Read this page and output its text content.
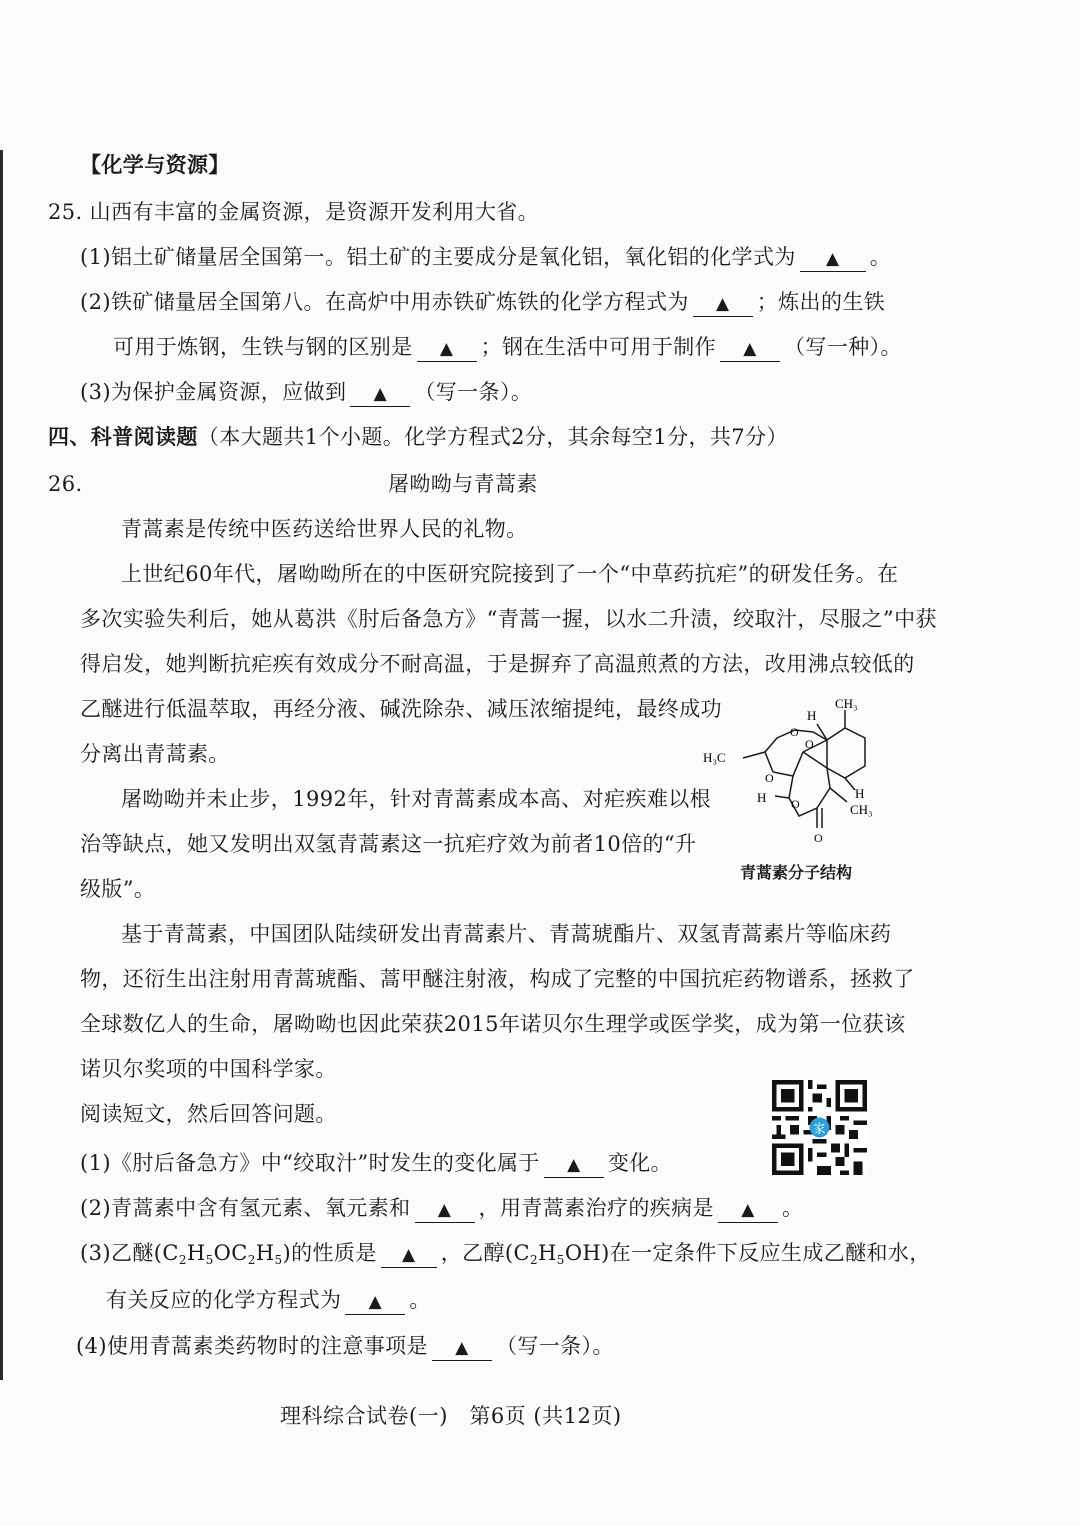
【化学与资源】
25. 山西有丰富的金属资源，是资源开发利用大省。
(1)铝土矿储量居全国第一。铝土矿的主要成分是氧化铝，氧化铝的化学式为 ▲ 。
(2)铁矿储量居全国第八。在高炉中用赤铁矿炼铁的化学方程式为 ▲ ；炼出的生铁
可用于炼钢，生铁与钢的区别是 ▲ ；钢在生活中可用于制作 ▲ （写一种）。
(3)为保护金属资源，应做到 ▲ （写一条）。
四、科普阅读题（本大题共1个小题。化学方程式2分，其余每空1分，共7分）
26.	屠呦呦与青蒿素
青蒿素是传统中医药送给世界人民的礼物。
上世纪60年代，屠呦呦所在的中医研究院接到了一个“中草药抗疟”的研发任务。在
多次实验失利后，她从葛洪《肘后备急方》“青蒿一握，以水二升渍，绞取汁，尽服之”中获
得启发，她判断抗疟疾有效成分不耐高温，于是摒弃了高温煎煮的方法，改用沸点较低的
乙醚进行低温萃取，再经分液、碱洗除杂、减压浓缩提纯，最终成功
分离出青蒿素。
屠呦呦并未止步，1992年，针对青蒿素成本高、对疟疾难以根
治等缺点，她又发明出双氢青蒿素这一抗疟疗效为前者10倍的“升
级版”。
基于青蒿素，中国团队陆续研发出青蒿素片、青蒿琥酯片、双氢青蒿素片等临床药
物，还衍生出注射用青蒿琥酯、蒿甲醚注射液，构成了完整的中国抗疟药物谱系，拯救了
全球数亿人的生命，屠呦呦也因此荣获2015年诺贝尔生理学或医学奖，成为第一位获该
诺贝尔奖项的中国科学家。
CH₃
H
H₃C
O
O
O
O
H
H
CH₃
O
青蒿素分子结构
家
阅读短文，然后回答问题。
(1)《肘后备急方》中“绞取汁”时发生的变化属于 ▲ 变化。
(2)青蒿素中含有氢元素、氧元素和 ▲ ，用青蒿素治疗的疾病是 ▲ 。
(3)乙醚$(C_2H_5OC_2H_5)$的性质是 ▲ ，乙醇$(C_2H_5OH)$在一定条件下反应生成乙醚和水，
有关反应的化学方程式为 ▲ 。
(4)使用青蒿素类药物时的注意事项是 ▲ （写一条）。
理科综合试卷(一)　第6页 (共12页)
